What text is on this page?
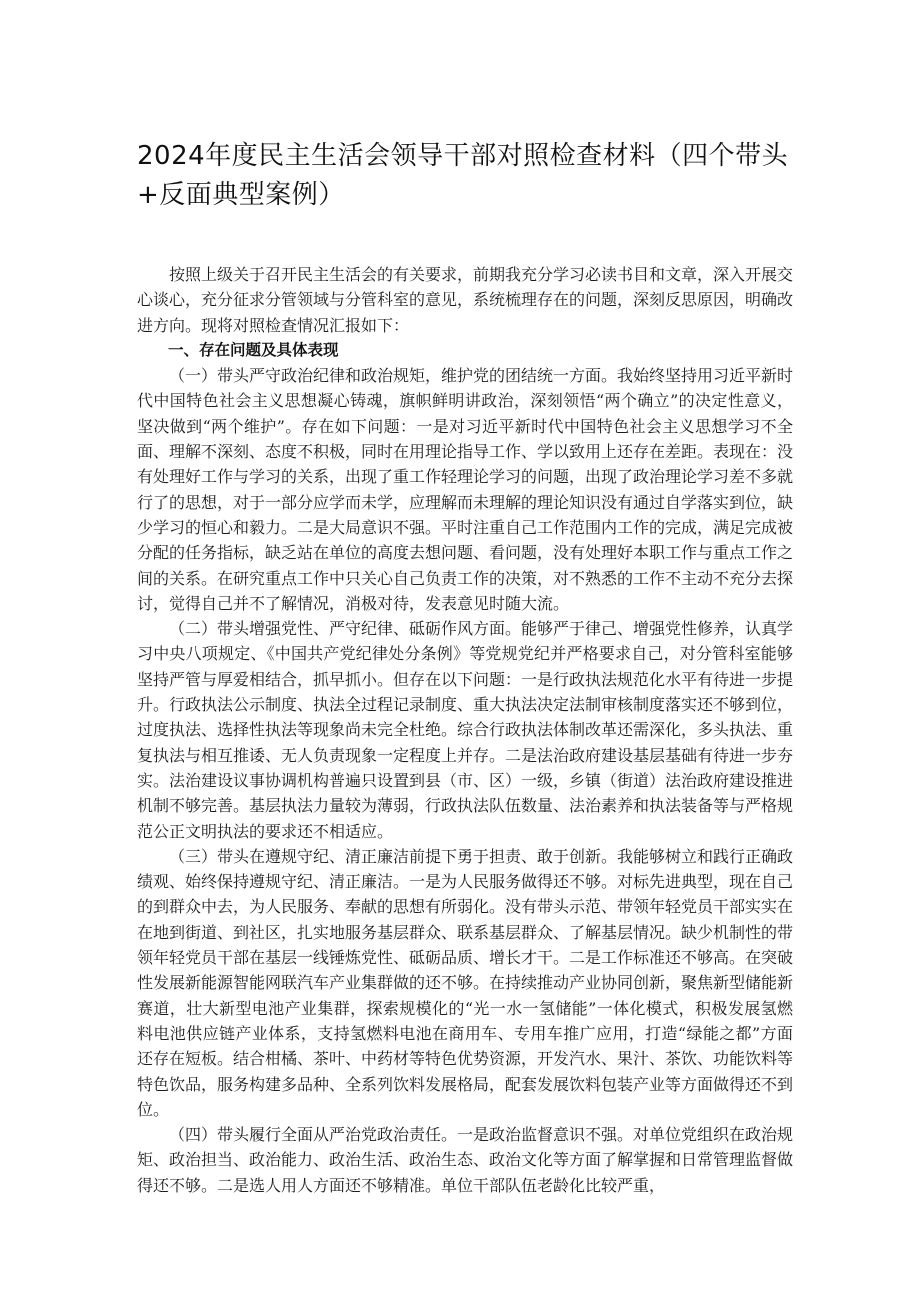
2024年度民主生活会领导干部对照检查材料（四个带头+反面典型案例）

按照上级关于召开民主生活会的有关要求，前期我充分学习必读书目和文章，深入开展交心谈心，充分征求分管领域与分管科室的意见，系统梳理存在的问题，深刻反思原因，明确改进方向。现将对照检查情况汇报如下：

一、存在问题及具体表现

（一）带头严守政治纪律和政治规矩，维护党的团结统一方面。我始终坚持用习近平新时代中国特色社会主义思想凝心铸魂，旗帜鲜明讲政治，深刻领悟“两个确立”的决定性意义，坚决做到“两个维护”。存在如下问题：一是对习近平新时代中国特色社会主义思想学习不全面、理解不深刻、态度不积极，同时在用理论指导工作、学以致用上还存在差距。表现在：没有处理好工作与学习的关系，出现了重工作轻理论学习的问题，出现了政治理论学习差不多就行了的思想，对于一部分应学而未学，应理解而未理解的理论知识没有通过自学落实到位，缺少学习的恒心和毅力。二是大局意识不强。平时注重自己工作范围内工作的完成，满足完成被分配的任务指标，缺乏站在单位的高度去想问题、看问题，没有处理好本职工作与重点工作之间的关系。在研究重点工作中只关心自己负责工作的决策，对不熟悉的工作不主动不充分去探讨，觉得自己并不了解情况，消极对待，发表意见时随大流。

（二）带头增强党性、严守纪律、砥砺作风方面。能够严于律己、增强党性修养，认真学习中央八项规定、《中国共产党纪律处分条例》等党规党纪并严格要求自己，对分管科室能够坚持严管与厚爱相结合，抓早抓小。但存在以下问题：一是行政执法规范化水平有待进一步提升。行政执法公示制度、执法全过程记录制度、重大执法决定法制审核制度落实还不够到位，过度执法、选择性执法等现象尚未完全杜绝。综合行政执法体制改革还需深化，多头执法、重复执法与相互推诿、无人负责现象一定程度上并存。二是法治政府建设基层基础有待进一步夯实。法治建设议事协调机构普遍只设置到县（市、区）一级，乡镇（街道）法治政府建设推进机制不够完善。基层执法力量较为薄弱，行政执法队伍数量、法治素养和执法装备等与严格规范公正文明执法的要求还不相适应。

（三）带头在遵规守纪、清正廉洁前提下勇于担责、敢于创新。我能够树立和践行正确政绩观、始终保持遵规守纪、清正廉洁。一是为人民服务做得还不够。对标先进典型，现在自己的到群众中去，为人民服务、奉献的思想有所弱化。没有带头示范、带领年轻党员干部实实在在地到街道、到社区，扎实地服务基层群众、联系基层群众、了解基层情况。缺少机制性的带领年轻党员干部在基层一线锤炼党性、砥砺品质、增长才干。二是工作标准还不够高。在突破性发展新能源智能网联汽车产业集群做的还不够。在持续推动产业协同创新，聚焦新型储能新赛道，壮大新型电池产业集群，探索规模化的“光一水一氢储能”一体化模式，积极发展氢燃料电池供应链产业体系，支持氢燃料电池在商用车、专用车推广应用，打造“绿能之都”方面还存在短板。结合柑橘、茶叶、中药材等特色优势资源，开发汽水、果汁、茶饮、功能饮料等特色饮品，服务构建多品种、全系列饮料发展格局，配套发展饮料包装产业等方面做得还不到位。

（四）带头履行全面从严治党政治责任。一是政治监督意识不强。对单位党组织在政治规矩、政治担当、政治能力、政治生活、政治生态、政治文化等方面了解掌握和日常管理监督做得还不够。二是选人用人方面还不够精准。单位干部队伍老龄化比较严重，
